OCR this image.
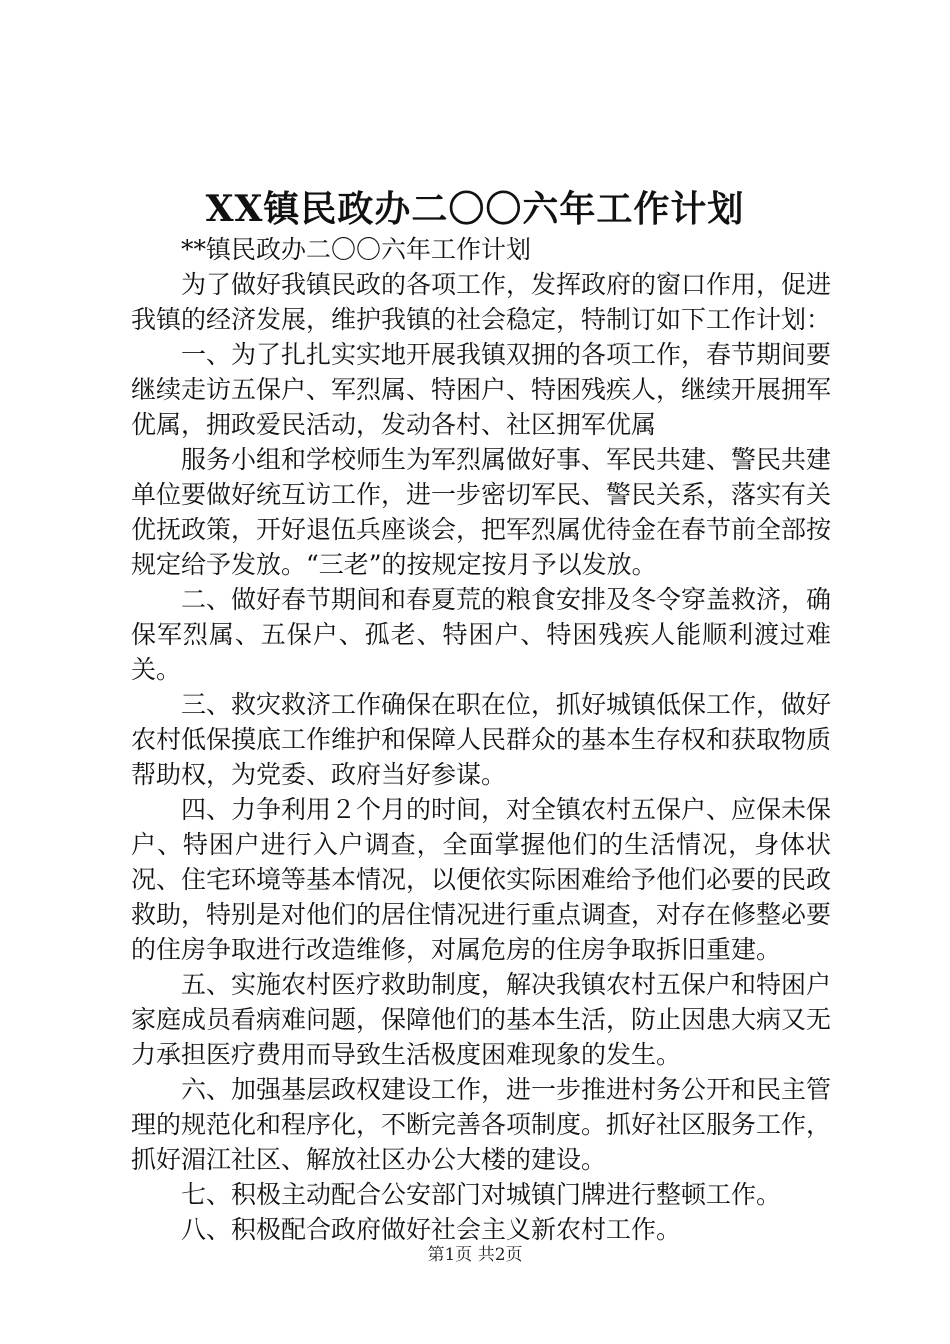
XX镇民政办二〇〇六年工作计划

**镇民政办二〇〇六年工作计划

为了做好我镇民政的各项工作，发挥政府的窗口作用，促进我镇的经济发展，维护我镇的社会稳定，特制订如下工作计划：

一、为了扎扎实实地开展我镇双拥的各项工作，春节期间要继续走访五保户、军烈属、特困户、特困残疾人，继续开展拥军优属，拥政爱民活动，发动各村、社区拥军优属

服务小组和学校师生为军烈属做好事、军民共建、警民共建单位要做好统互访工作，进一步密切军民、警民关系，落实有关优抚政策，开好退伍兵座谈会，把军烈属优待金在春节前全部按规定给予发放。“三老”的按规定按月予以发放。

二、做好春节期间和春夏荒的粮食安排及冬令穿盖救济，确保军烈属、五保户、孤老、特困户、特困残疾人能顺利渡过难关。

三、救灾救济工作确保在职在位，抓好城镇低保工作，做好农村低保摸底工作维护和保障人民群众的基本生存权和获取物质帮助权，为党委、政府当好参谋。

四、力争利用２个月的时间，对全镇农村五保户、应保未保户、特困户进行入户调查，全面掌握他们的生活情况，身体状况、住宅环境等基本情况，以便依实际困难给予他们必要的民政救助，特别是对他们的居住情况进行重点调查，对存在修整必要的住房争取进行改造维修，对属危房的住房争取拆旧重建。

五、实施农村医疗救助制度，解决我镇农村五保户和特困户家庭成员看病难问题，保障他们的基本生活，防止因患大病又无力承担医疗费用而导致生活极度困难现象的发生。

六、加强基层政权建设工作，进一步推进村务公开和民主管理的规范化和程序化，不断完善各项制度。抓好社区服务工作，抓好湄江社区、解放社区办公大楼的建设。

七、积极主动配合公安部门对城镇门牌进行整顿工作。

八、积极配合政府做好社会主义新农村工作。

第1页 共2页
